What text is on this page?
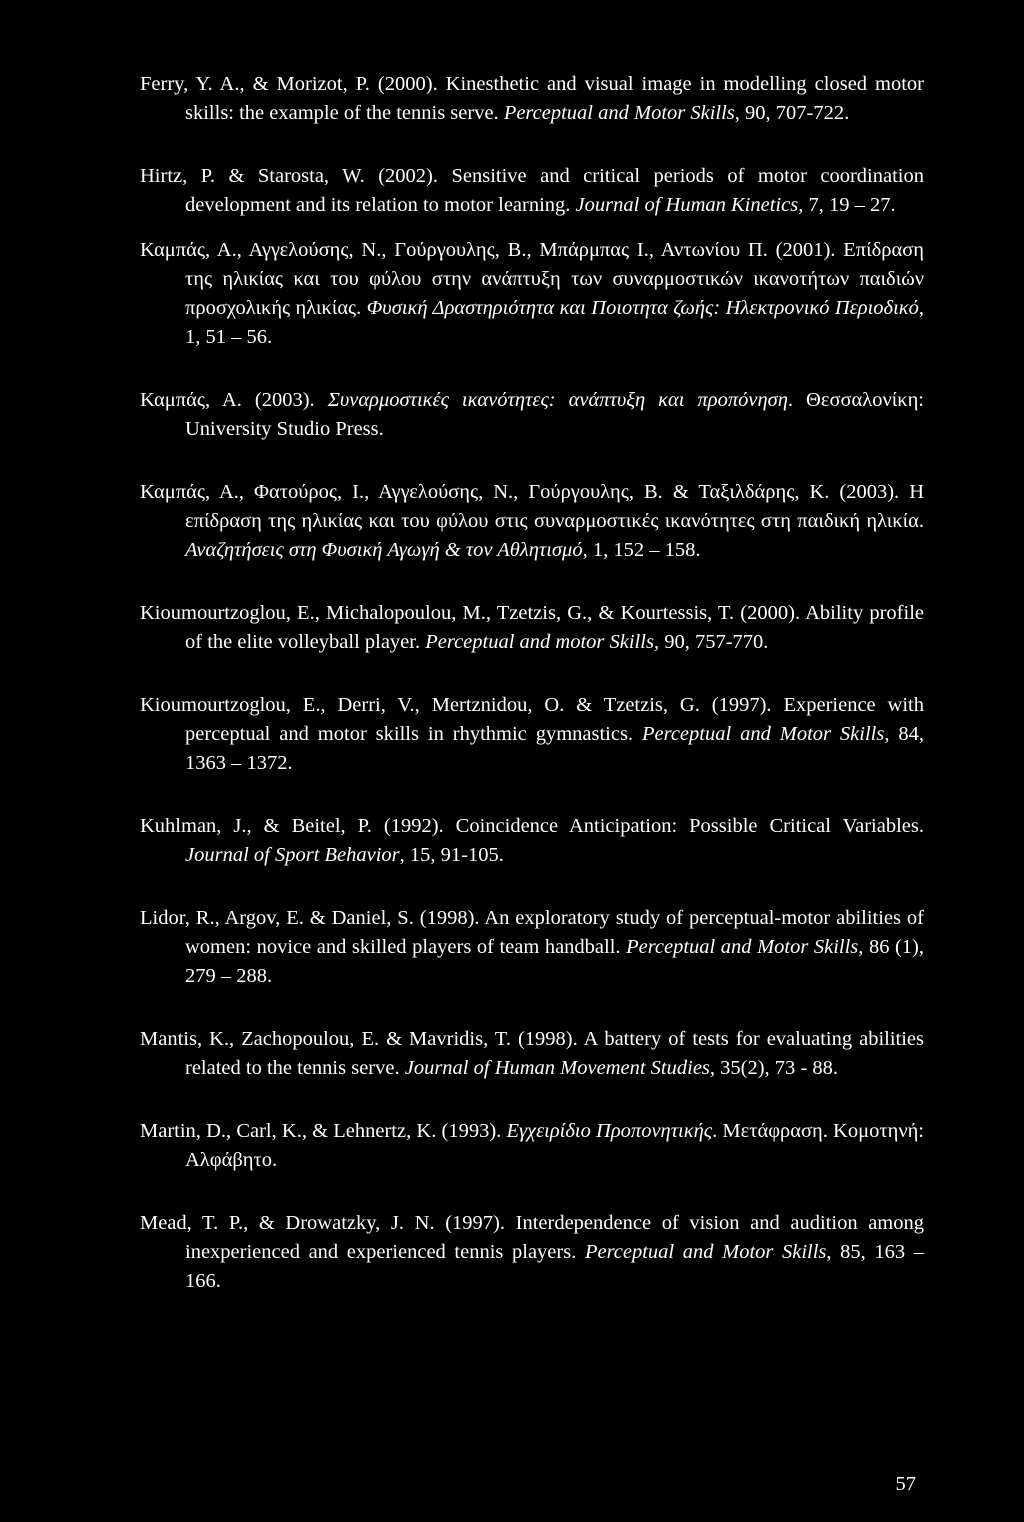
Ferry, Y. A., & Morizot, P. (2000). Kinesthetic and visual image in modelling closed motor skills: the example of the tennis serve. Perceptual and Motor Skills, 90, 707-722.

Hirtz, P. & Starosta, W. (2002). Sensitive and critical periods of motor coordination development and its relation to motor learning. Journal of Human Kinetics, 7, 19 – 27.

Καμπάς, Α., Αγγελούσης, Ν., Γούργουλης, Β., Μπάρμπας Ι., Αντωνίου Π. (2001). Επίδραση της ηλικίας και του φύλου στην ανάπτυξη των συναρμοστικών ικανοτήτων παιδιών προσχολικής ηλικίας. Φυσική Δραστηριότητα και Ποιοτητα ζωής: Ηλεκτρονικό Περιοδικό, 1, 51 – 56.

Καμπάς, Α. (2003). Συναρμοστικές ικανότητες: ανάπτυξη και προπόνηση. Θεσσαλονίκη: University Studio Press.

Καμπάς, Α., Φατούρος, Ι., Αγγελούσης, Ν., Γούργουλης, Β. & Ταξιλδάρης, Κ. (2003). Η επίδραση της ηλικίας και του φύλου στις συναρμοστικές ικανότητες στη παιδική ηλικία. Αναζητήσεις στη Φυσική Αγωγή & τον Αθλητισμό, 1, 152 – 158.

Kioumourtzoglou, E., Michalopoulou, M., Tzetzis, G., & Kourtessis, T. (2000). Ability profile of the elite volleyball player. Perceptual and motor Skills, 90, 757-770.

Kioumourtzoglou, E., Derri, V., Mertznidou, O. & Tzetzis, G. (1997). Experience with perceptual and motor skills in rhythmic gymnastics. Perceptual and Motor Skills, 84, 1363 – 1372.

Kuhlman, J., & Beitel, P. (1992). Coincidence Anticipation: Possible Critical Variables. Journal of Sport Behavior, 15, 91-105.

Lidor, R., Argov, E. & Daniel, S. (1998). An exploratory study of perceptual-motor abilities of women: novice and skilled players of team handball. Perceptual and Motor Skills, 86 (1), 279 – 288.

Mantis, K., Zachopoulou, E. & Mavridis, T. (1998). A battery of tests for evaluating abilities related to the tennis serve. Journal of Human Movement Studies, 35(2), 73 - 88.

Martin, D., Carl, K., & Lehnertz, K. (1993). Εγχειρίδιο Προπονητικής. Μετάφραση. Κομοτηνή: Αλφάβητο.

Mead, T. P., & Drowatzky, J. N. (1997). Interdependence of vision and audition among inexperienced and experienced tennis players. Perceptual and Motor Skills, 85, 163 – 166.

57
